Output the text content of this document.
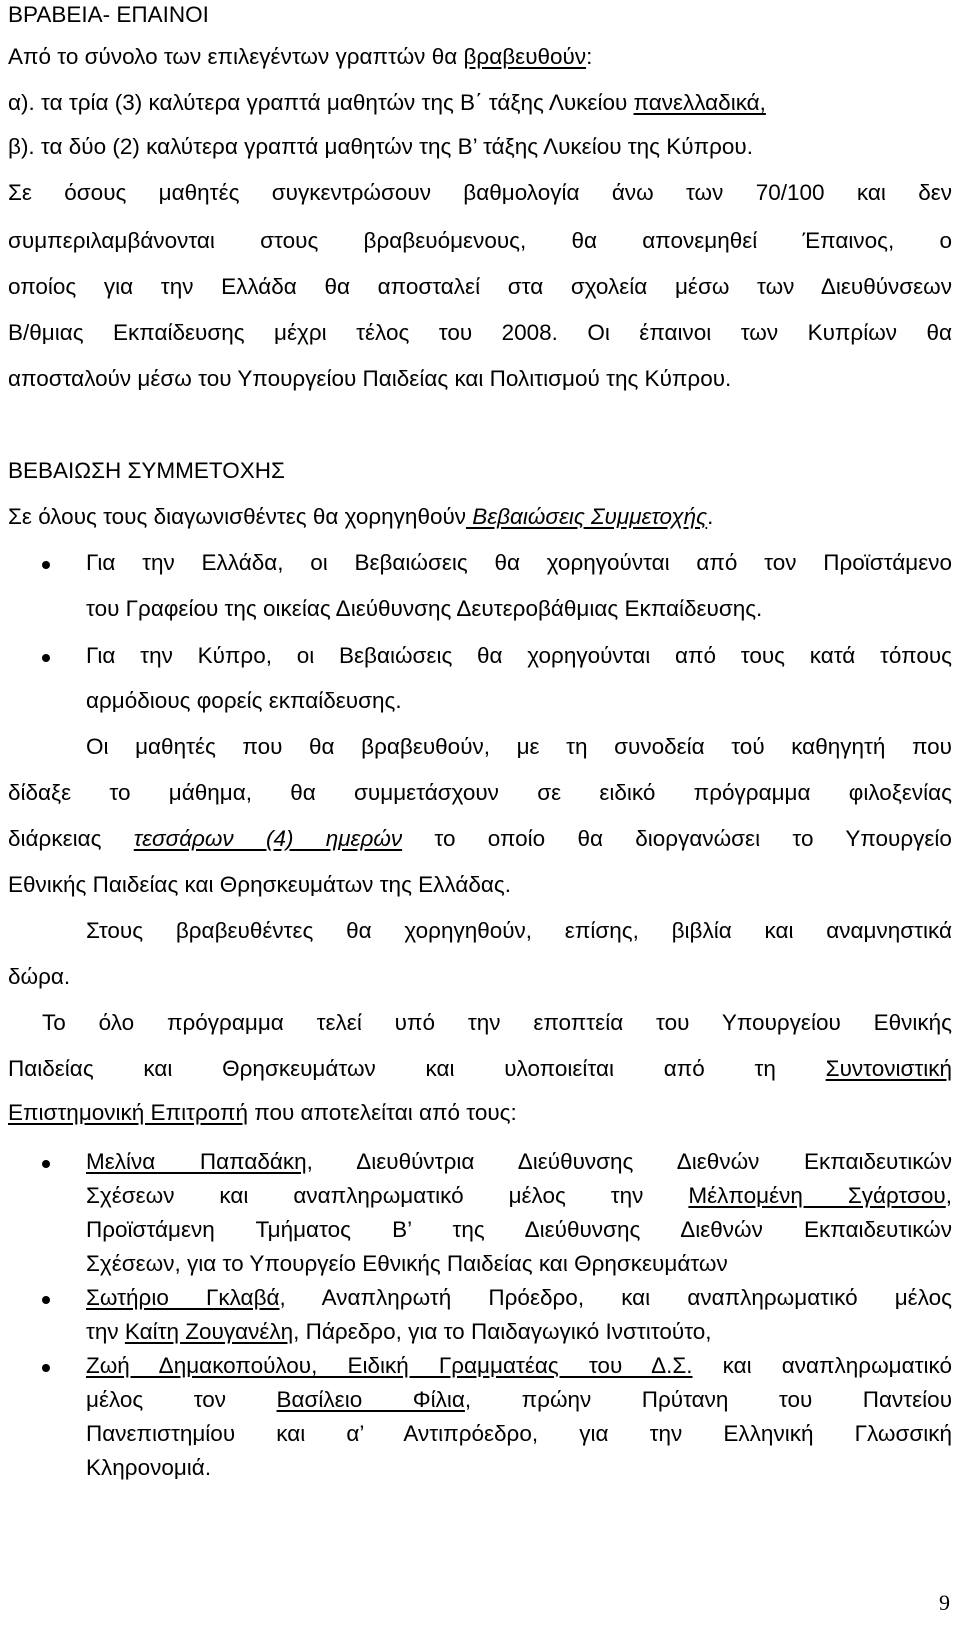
ΒΡΑΒΕΙΑ- ΕΠΑΙΝΟΙ
Από το σύνολο των επιλεγέντων γραπτών θα βραβευθούν:
α). τα τρία (3) καλύτερα γραπτά μαθητών της Β΄ τάξης Λυκείου πανελλαδικά,
β). τα δύο (2) καλύτερα γραπτά μαθητών της Β’ τάξης Λυκείου της Κύπρου.
Σε όσους μαθητές συγκεντρώσουν βαθμολογία άνω των 70/100 και δεν
συμπεριλαμβάνονται στους βραβευόμενους, θα απονεμηθεί Έπαινος, ο
οποίος για την Ελλάδα θα αποσταλεί στα σχολεία μέσω των Διευθύνσεων
Β/θμιας Εκπαίδευσης μέχρι τέλος του 2008. Οι έπαινοι των Κυπρίων θα
αποσταλούν μέσω του Υπουργείου Παιδείας και Πολιτισμού της Κύπρου.
ΒΕΒΑΙΩΣΗ ΣΥΜΜΕΤΟΧΗΣ
Σε όλους τους διαγωνισθέντες θα χορηγηθούν Βεβαιώσεις Συμμετοχής.
Για την Ελλάδα, οι Βεβαιώσεις θα χορηγούνται από τον Προϊστάμενο
του Γραφείου της οικείας Διεύθυνσης Δευτεροβάθμιας Εκπαίδευσης.
Για την Κύπρο, οι Βεβαιώσεις θα χορηγούνται από τους κατά τόπους
αρμόδιους φορείς εκπαίδευσης.
Οι μαθητές που θα βραβευθούν, με τη συνοδεία τού καθηγητή που
δίδαξε το μάθημα, θα συμμετάσχουν σε ειδικό πρόγραμμα φιλοξενίας
διάρκειας τεσσάρων (4) ημερών το οποίο θα διοργανώσει το Υπουργείο
Εθνικής Παιδείας και Θρησκευμάτων της Ελλάδας.
Στους βραβευθέντες θα χορηγηθούν, επίσης, βιβλία και αναμνηστικά
δώρα.
Το όλο πρόγραμμα τελεί υπό την εποπτεία του Υπουργείου Εθνικής
Παιδείας και Θρησκευμάτων και υλοποιείται από τη Συντονιστική
Επιστημονική Επιτροπή που αποτελείται από τους:
Μελίνα Παπαδάκη, Διευθύντρια Διεύθυνσης Διεθνών Εκπαιδευτικών
Σχέσεων και αναπληρωματικό μέλος την Μέλπομένη Σγάρτσου,
Προϊστάμενη Τμήματος Β’ της Διεύθυνσης Διεθνών Εκπαιδευτικών
Σχέσεων, για το Υπουργείο Εθνικής Παιδείας και Θρησκευμάτων
Σωτήριο Γκλαβά, Αναπληρωτή Πρόεδρο, και αναπληρωματικό μέλος
την Καίτη Ζουγανέλη, Πάρεδρο, για το Παιδαγωγικό Ινστιτούτο,
Ζωή Δημακοπούλου, Ειδική Γραμματέας του Δ.Σ. και αναπληρωματικό
μέλος τον Βασίλειο Φίλια, πρώην Πρύτανη του Παντείου
Πανεπιστημίου και α’ Αντιπρόεδρο, για την Ελληνική Γλωσσική
Κληρονομιά.
9
